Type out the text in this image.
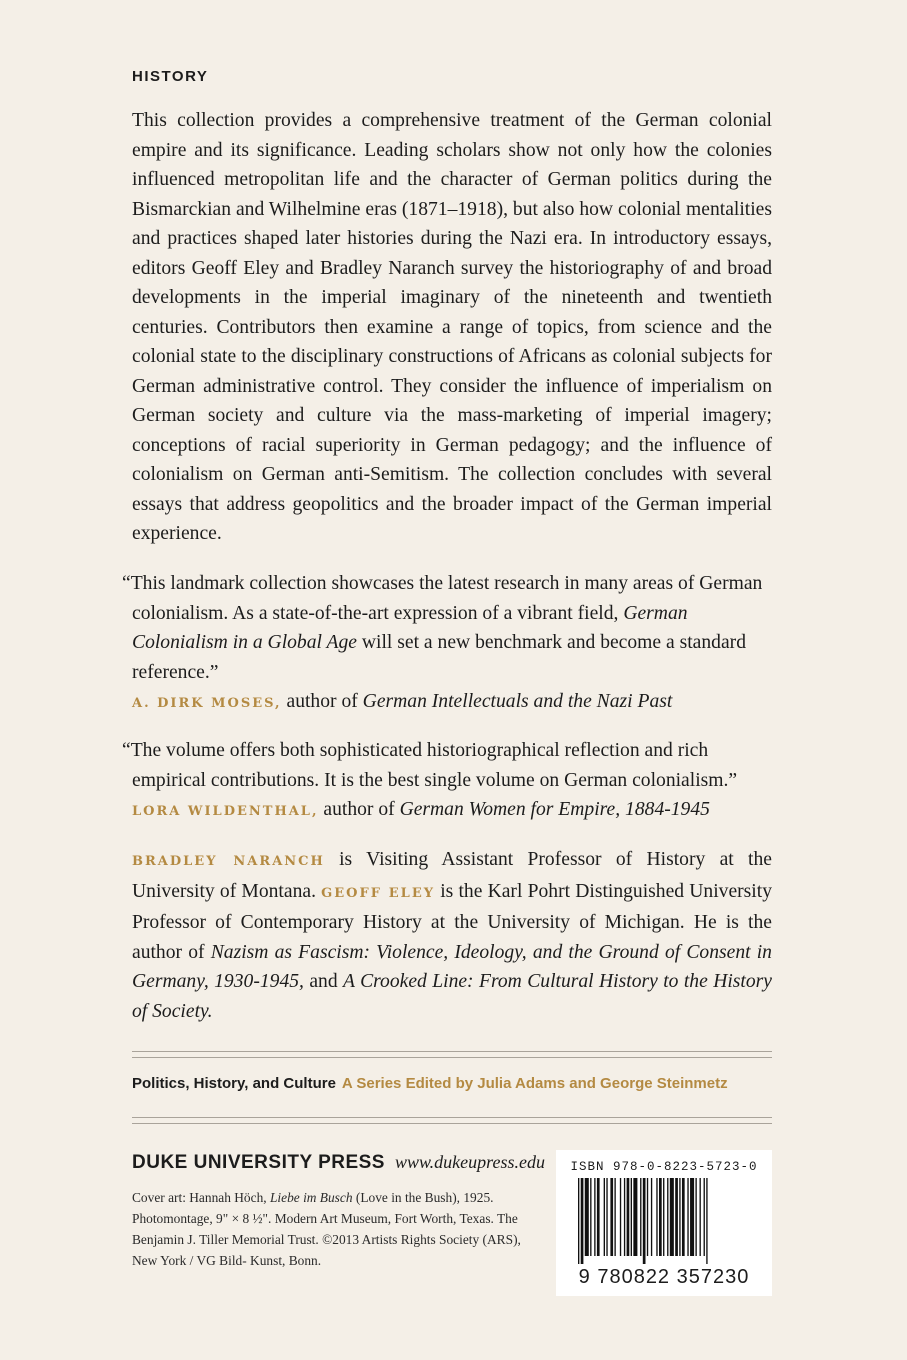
HISTORY

This collection provides a comprehensive treatment of the German colonial empire and its significance. Leading scholars show not only how the colonies influenced metropolitan life and the character of German politics during the Bismarckian and Wilhelmine eras (1871–1918), but also how colonial mentalities and practices shaped later histories during the Nazi era. In introductory essays, editors Geoff Eley and Bradley Naranch survey the historiography of and broad developments in the imperial imaginary of the nineteenth and twentieth centuries. Contributors then examine a range of topics, from science and the colonial state to the disciplinary constructions of Africans as colonial subjects for German administrative control. They consider the influence of imperialism on German society and culture via the mass-marketing of imperial imagery; conceptions of racial superiority in German pedagogy; and the influence of colonialism on German anti-Semitism. The collection concludes with several essays that address geopolitics and the broader impact of the German imperial experience.

“This landmark collection showcases the latest research in many areas of German colonialism. As a state-of-the-art expression of a vibrant field, German Colonialism in a Global Age will set a new benchmark and become a standard reference.”
A. DIRK MOSES, author of German Intellectuals and the Nazi Past

“The volume offers both sophisticated historiographical reflection and rich empirical contributions. It is the best single volume on German colonialism.”
LORA WILDENTHAL, author of German Women for Empire, 1884-1945

BRADLEY NARANCH is Visiting Assistant Professor of History at the University of Montana. GEOFF ELEY is the Karl Pohrt Distinguished University Professor of Contemporary History at the University of Michigan. He is the author of Nazism as Fascism: Violence, Ideology, and the Ground of Consent in Germany, 1930-1945, and A Crooked Line: From Cultural History to the History of Society.

Politics, History, and Culture A Series Edited by Julia Adams and George Steinmetz
DUKE UNIVERSITY PRESS www.dukeupress.edu

Cover art: Hannah Höch, Liebe im Busch (Love in the Bush), 1925. Photomontage, 9" × 8 ½". Modern Art Museum, Fort Worth, Texas. The Benjamin J. Tiller Memorial Trust. ©2013 Artists Rights Society (ARS), New York / VG Bild- Kunst, Bonn.

ISBN 978-0-8223-5723-0
9 780822 357230
